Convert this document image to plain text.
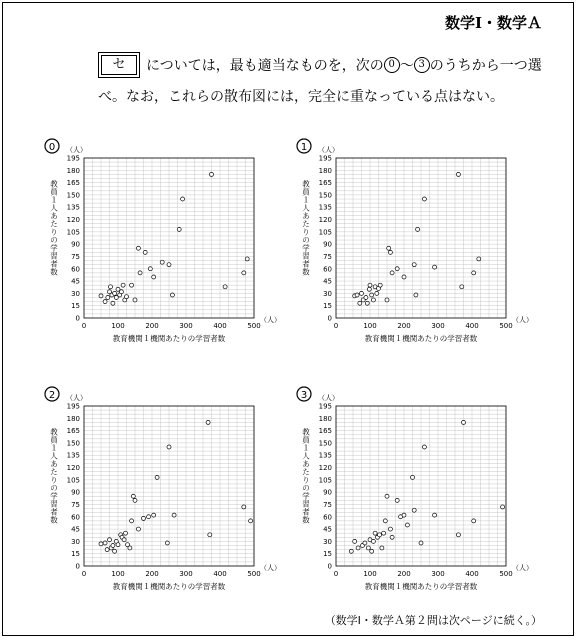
数学Ⅰ・数学Ａ
セ	については，最も適当なものを，次の 0 〜 3 のうちから一つ選
べ。なお，これらの散布図には，完全に重なっている点はない。
0 （人）
（人）
0
15
30
45
60
75
90
105
120
135
150
165
180
195
0	100	200	300	400	500
教育機関１機関あたりの学習者数
教員１人あたりの学習者数
1 （人）
（人）
0
15
30
45
60
75
90
105
120
135
150
165
180
195
0	100	200	300	400	500
教育機関１機関あたりの学習者数
教員１人あたりの学習者数
2 （人）
（人）
0
15
30
45
60
75
90
105
120
135
150
165
180
195
0	100	200	300	400	500
教育機関１機関あたりの学習者数
教員１人あたりの学習者数
3 （人）
（人）
0
15
30
45
60
75
90
105
120
135
150
165
180
195
0	100	200	300	400	500
教育機関１機関あたりの学習者数
教員１人あたりの学習者数
（数学Ⅰ・数学Ａ第２問は次ページに続く。）
